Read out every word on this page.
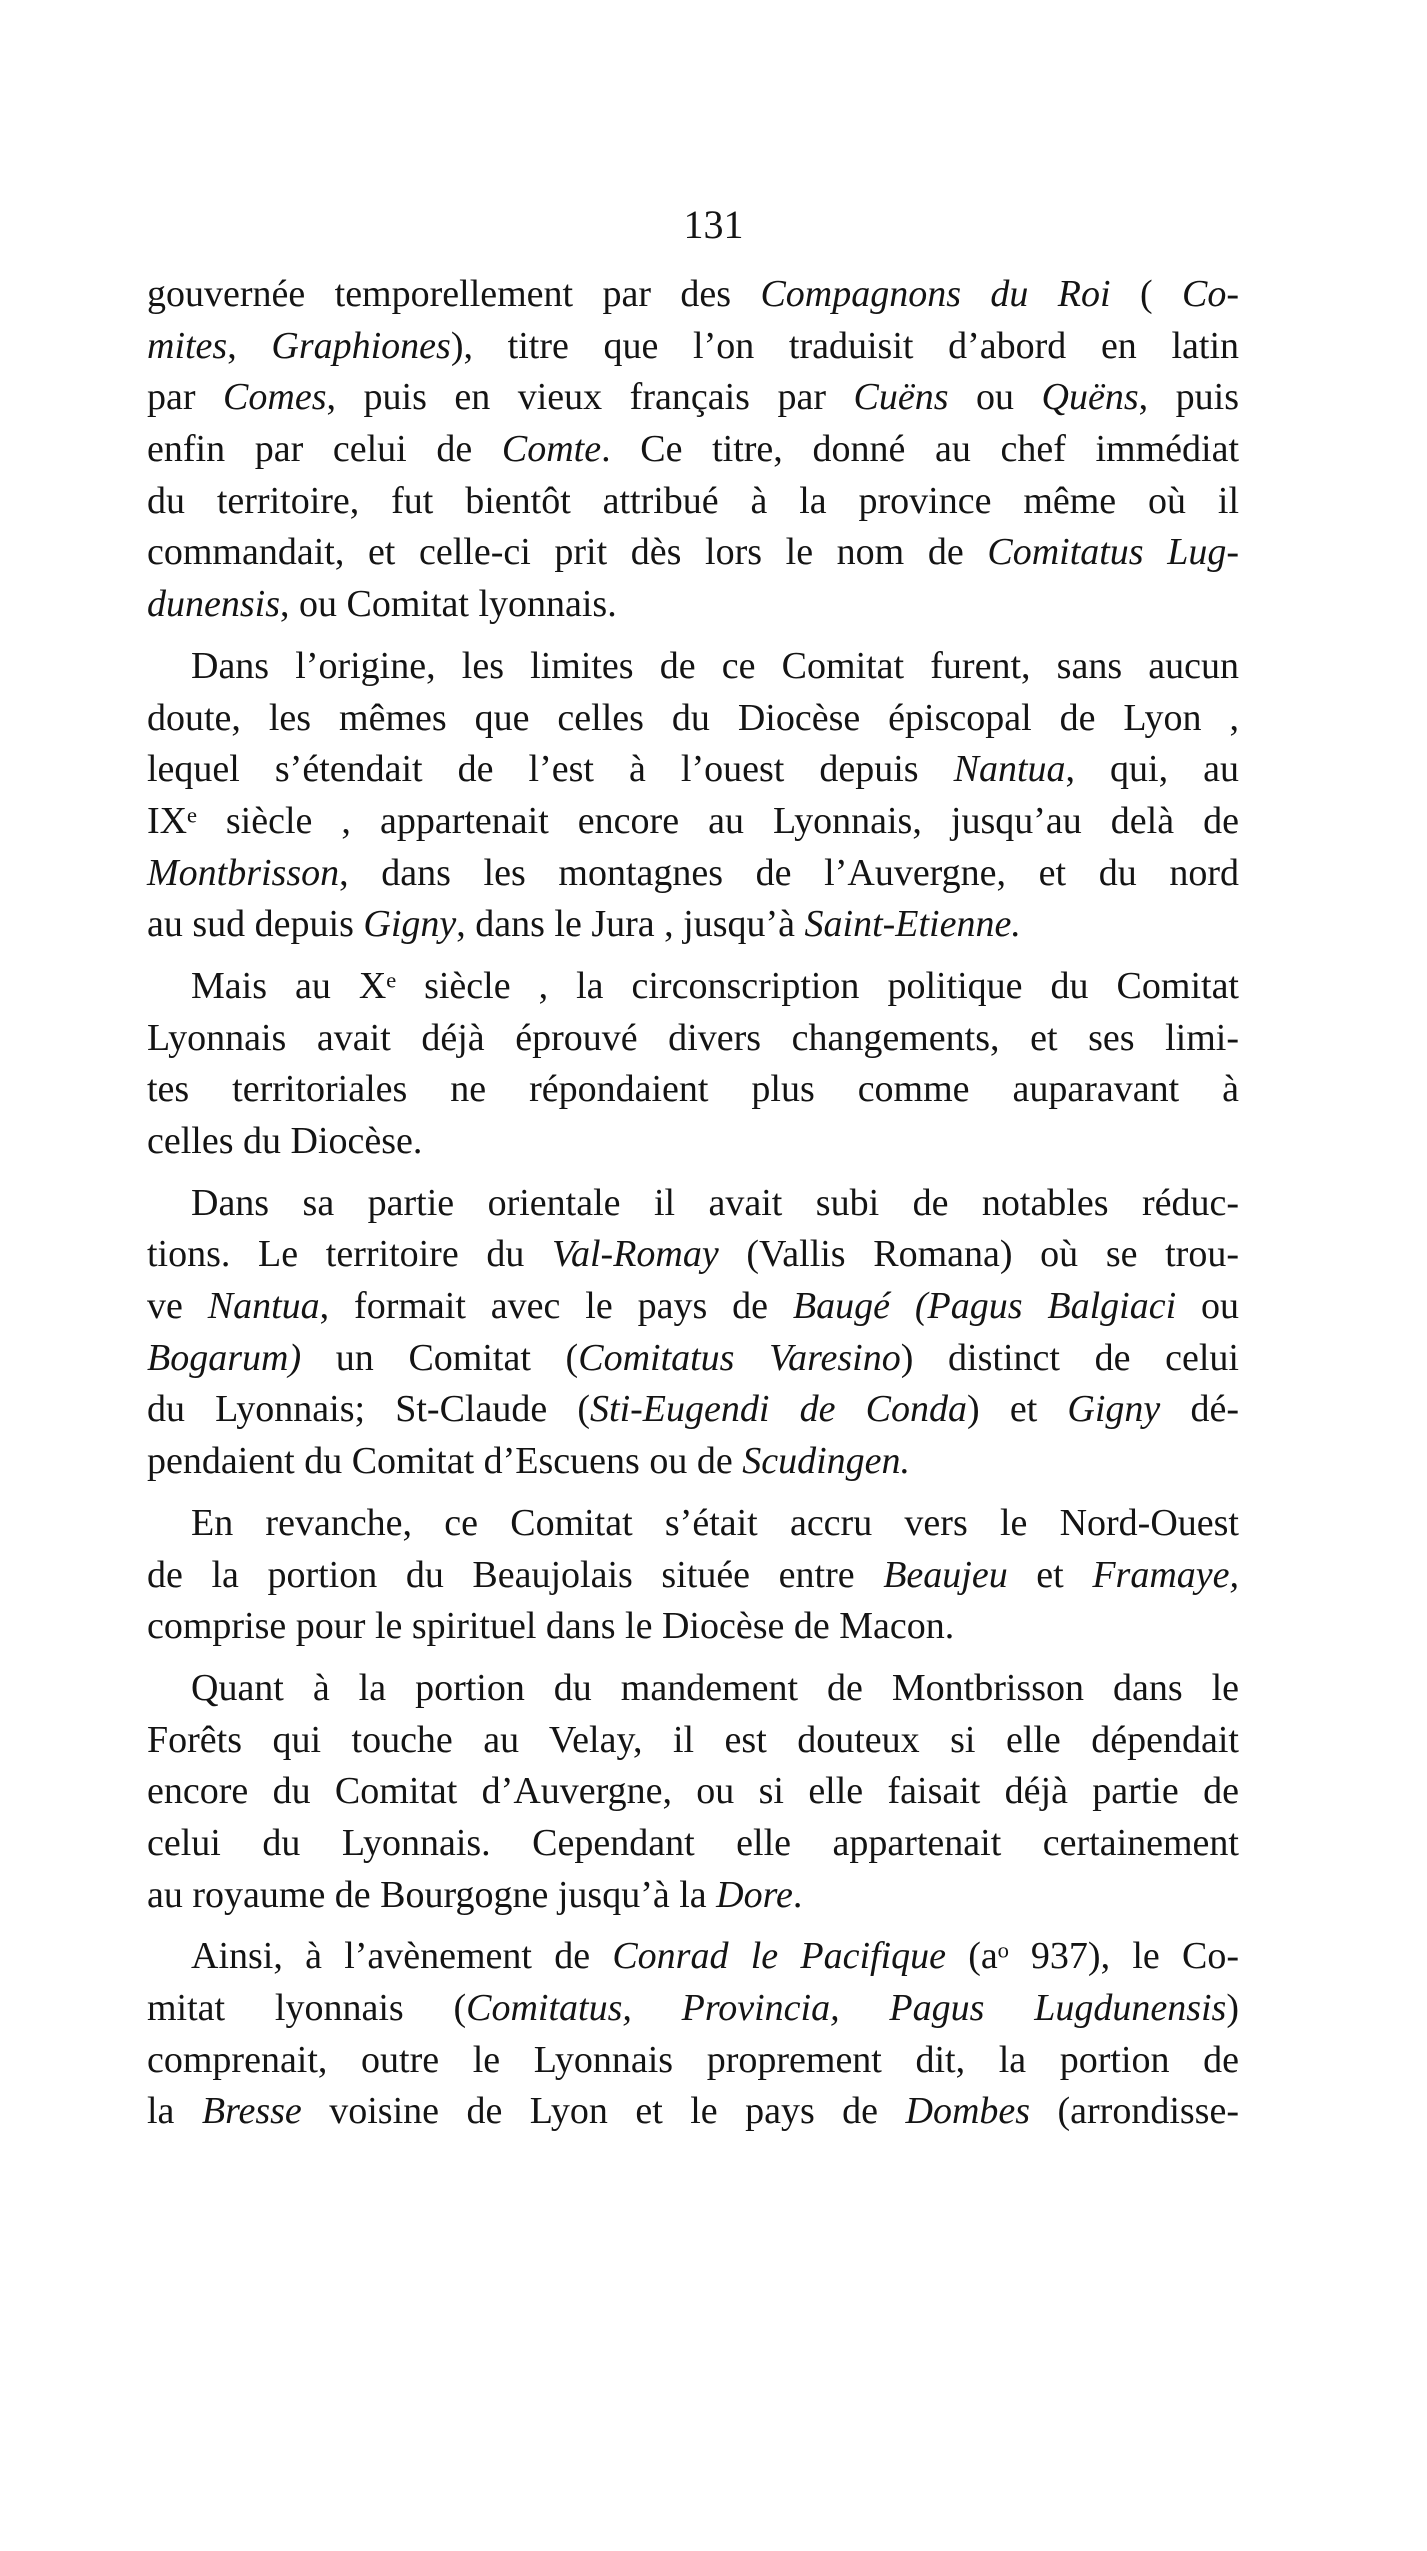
131
gouvernée temporellement par des Compagnons du Roi ( Co-
mites, Graphiones), titre que l’on traduisit d’abord en latin
par Comes, puis en vieux français par Cuëns ou Quëns, puis
enfin par celui de Comte. Ce titre, donné au chef immédiat
du territoire, fut bientôt attribué à la province même où il
commandait, et celle-ci prit dès lors le nom de Comitatus Lug-
dunensis, ou Comitat lyonnais.
Dans l’origine, les limites de ce Comitat furent, sans aucun
doute, les mêmes que celles du Diocèse épiscopal de Lyon ,
lequel s’étendait de l’est à l’ouest depuis Nantua, qui, au
IXᵉ siècle , appartenait encore au Lyonnais, jusqu’au delà de
Montbrisson, dans les montagnes de l’Auvergne, et du nord
au sud depuis Gigny, dans le Jura , jusqu’à Saint-Etienne.
Mais au Xᵉ siècle , la circonscription politique du Comitat
Lyonnais avait déjà éprouvé divers changements, et ses limi-
tes territoriales ne répondaient plus comme auparavant à
celles du Diocèse.
Dans sa partie orientale il avait subi de notables réduc-
tions. Le territoire du Val-Romay (Vallis Romana) où se trou-
ve Nantua, formait avec le pays de Baugé (Pagus Balgiaci ou
Bogarum) un Comitat (Comitatus Varesino) distinct de celui
du Lyonnais; St-Claude (Sti-Eugendi de Conda) et Gigny dé-
pendaient du Comitat d’Escuens ou de Scudingen.
En revanche, ce Comitat s’était accru vers le Nord-Ouest
de la portion du Beaujolais située entre Beaujeu et Framaye,
comprise pour le spirituel dans le Diocèse de Macon.
Quant à la portion du mandement de Montbrisson dans le
Forêts qui touche au Velay, il est douteux si elle dépendait
encore du Comitat d’Auvergne, ou si elle faisait déjà partie de
celui du Lyonnais. Cependant elle appartenait certainement
au royaume de Bourgogne jusqu’à la Dore.
Ainsi, à l’avènement de Conrad le Pacifique (aᵒ 937), le Co-
mitat lyonnais (Comitatus, Provincia, Pagus Lugdunensis)
comprenait, outre le Lyonnais proprement dit, la portion de
la Bresse voisine de Lyon et le pays de Dombes (arrondisse-
